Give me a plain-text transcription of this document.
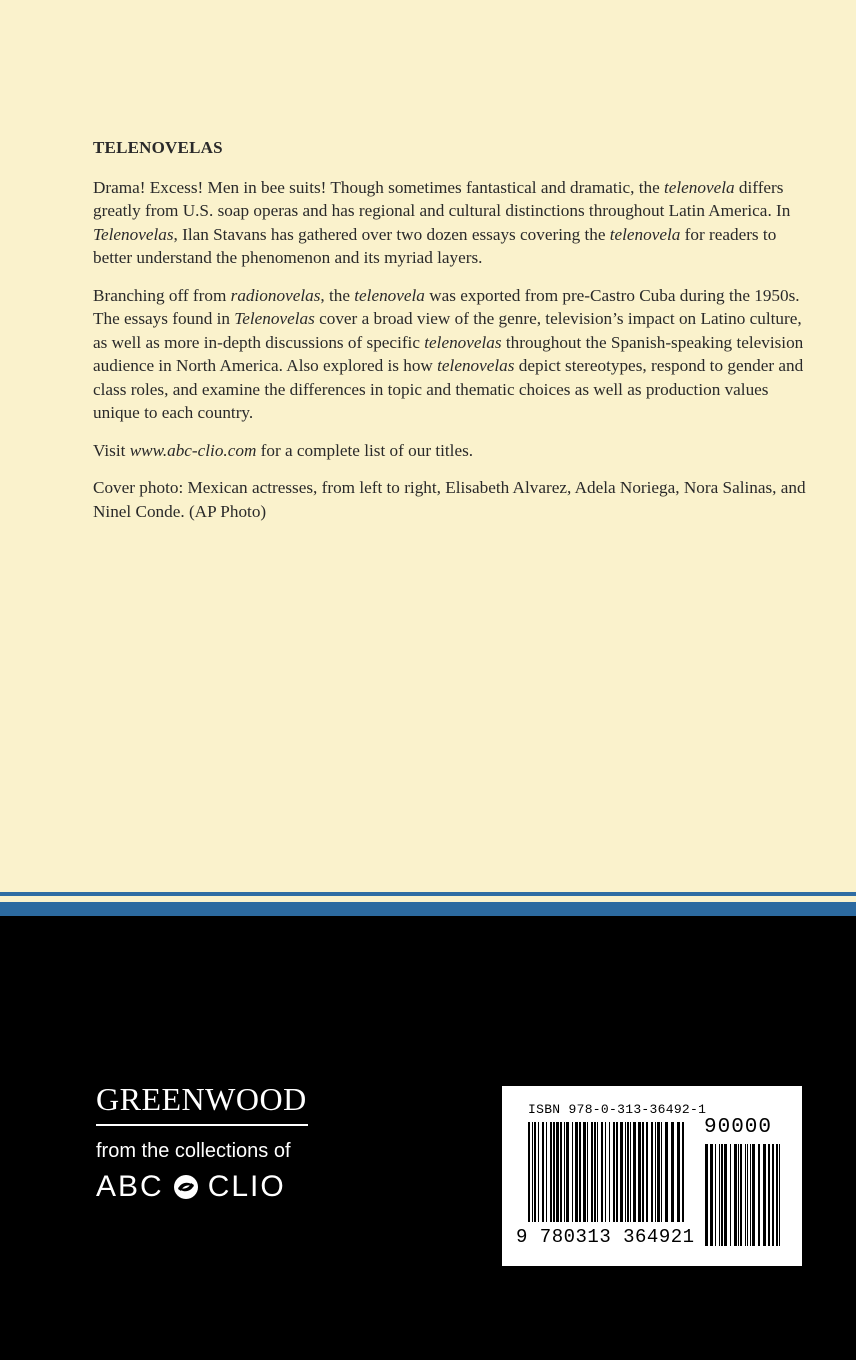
TELENOVELAS

Drama! Excess! Men in bee suits! Though sometimes fantastical and dramatic, the telenovela differs greatly from U.S. soap operas and has regional and cultural distinctions throughout Latin America. In Telenovelas, Ilan Stavans has gathered over two dozen essays covering the telenovela for readers to better understand the phenomenon and its myriad layers.

Branching off from radionovelas, the telenovela was exported from pre-Castro Cuba during the 1950s. The essays found in Telenovelas cover a broad view of the genre, television’s impact on Latino culture, as well as more in-depth discussions of specific telenovelas throughout the Spanish-speaking television audience in North America. Also explored is how telenovelas depict stereotypes, respond to gender and class roles, and examine the differences in topic and thematic choices as well as production values unique to each country.

Visit www.abc-clio.com for a complete list of our titles.

Cover photo: Mexican actresses, from left to right, Elisabeth Alvarez, Adela Noriega, Nora Salinas, and Ninel Conde. (AP Photo)

GREENWOOD
from the collections of
ABC CLIO
ISBN 978-0-313-36492-1
90000
9 780313 364921
